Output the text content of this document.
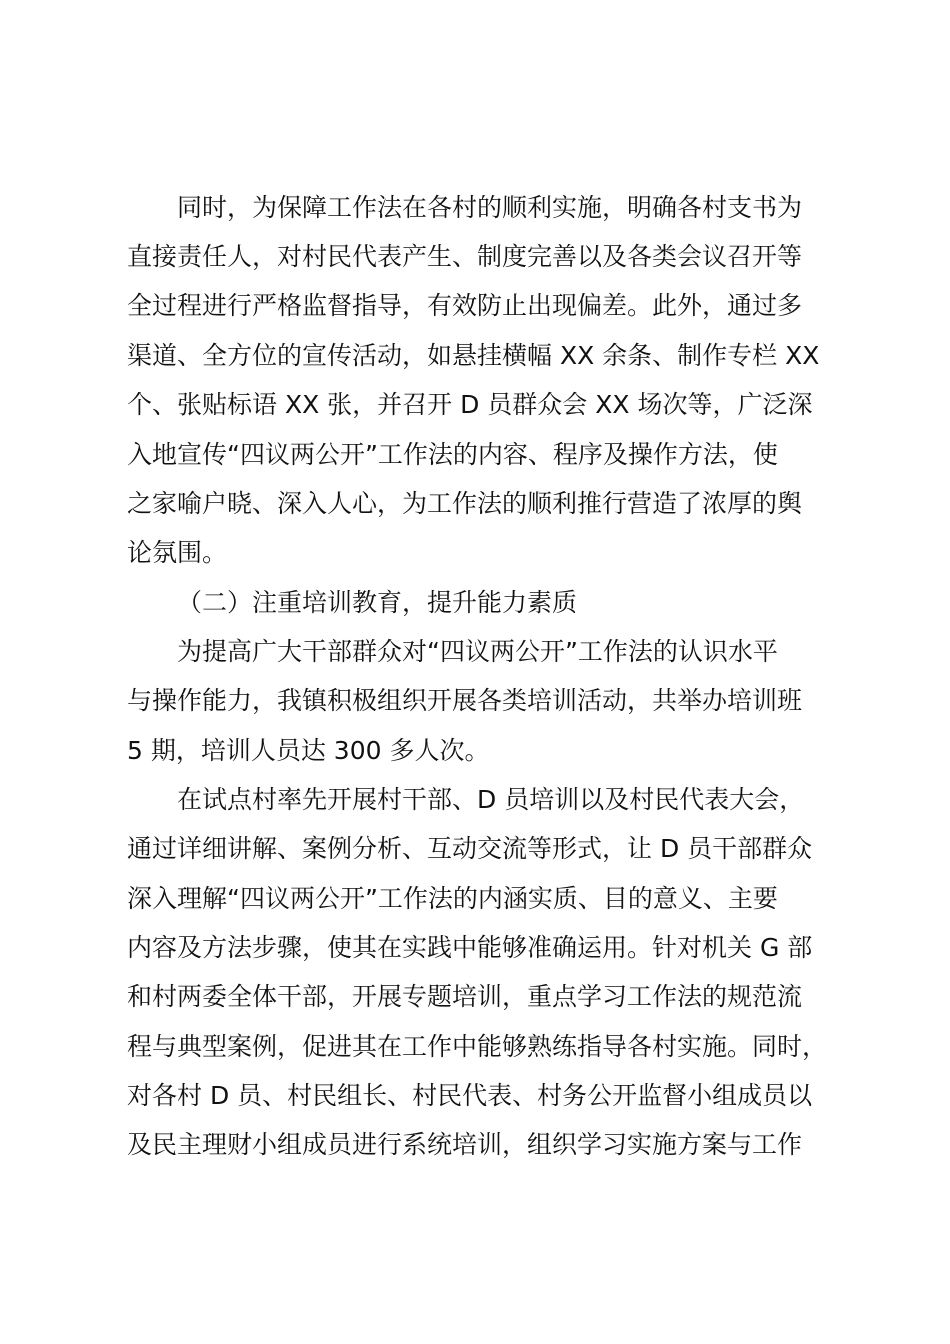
同时，为保障工作法在各村的顺利实施，明确各村支书为

直接责任人，对村民代表产生、制度完善以及各类会议召开等

全过程进行严格监督指导，有效防止出现偏差。此外，通过多

渠道、全方位的宣传活动，如悬挂横幅 XX 余条、制作专栏 XX

个、张贴标语 XX 张，并召开 D 员群众会 XX 场次等，广泛深

入地宣传“四议两公开”工作法的内容、程序及操作方法，使

之家喻户晓、深入人心，为工作法的顺利推行营造了浓厚的舆

论氛围。

（二）注重培训教育，提升能力素质

为提高广大干部群众对“四议两公开”工作法的认识水平

与操作能力，我镇积极组织开展各类培训活动，共举办培训班

5 期，培训人员达 300 多人次。

在试点村率先开展村干部、D 员培训以及村民代表大会，

通过详细讲解、案例分析、互动交流等形式，让 D 员干部群众

深入理解“四议两公开”工作法的内涵实质、目的意义、主要

内容及方法步骤，使其在实践中能够准确运用。针对机关 G 部

和村两委全体干部，开展专题培训，重点学习工作法的规范流

程与典型案例，促进其在工作中能够熟练指导各村实施。同时，

对各村 D 员、村民组长、村民代表、村务公开监督小组成员以

及民主理财小组成员进行系统培训，组织学习实施方案与工作
